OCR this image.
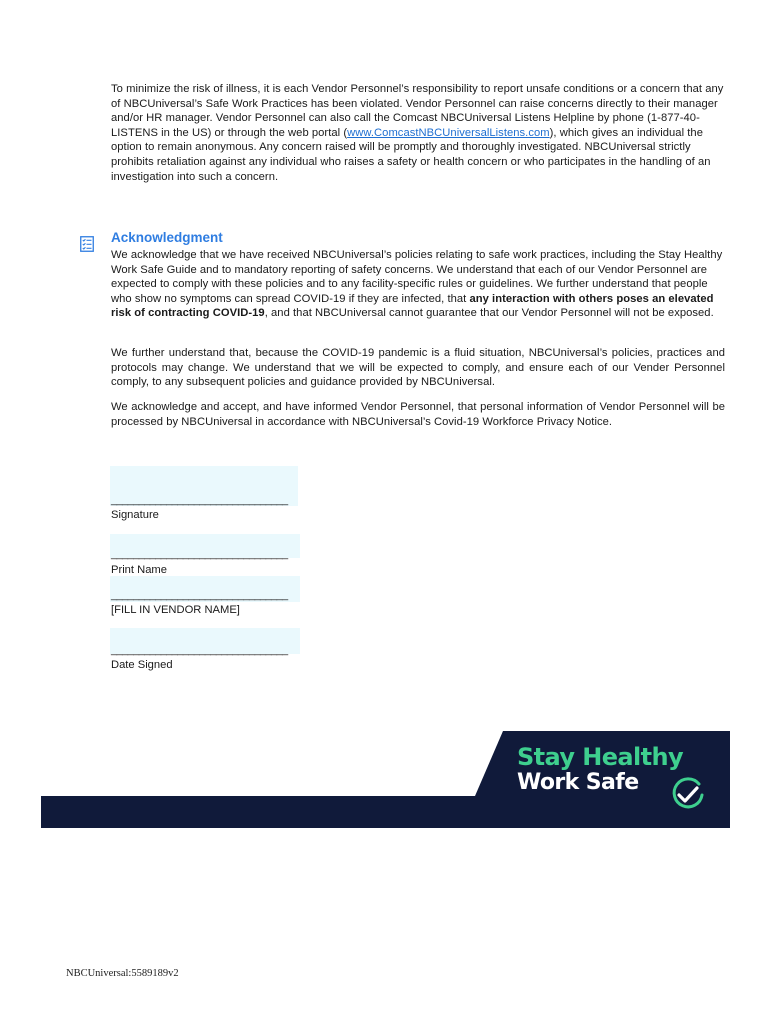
To minimize the risk of illness, it is each Vendor Personnel’s responsibility to report unsafe conditions or a concern that any of NBCUniversal’s Safe Work Practices has been violated. Vendor Personnel can raise concerns directly to their manager and/or HR manager. Vendor Personnel can also call the Comcast NBCUniversal Listens Helpline by phone (1-877-40-LISTENS in the US) or through the web portal (www.ComcastNBCUniversalListens.com), which gives an individual the option to remain anonymous. Any concern raised will be promptly and thoroughly investigated. NBCUniversal strictly prohibits retaliation against any individual who raises a safety or health concern or who participates in the handling of an investigation into such a concern.

Acknowledgment

We acknowledge that we have received NBCUniversal’s policies relating to safe work practices, including the Stay Healthy Work Safe Guide and to mandatory reporting of safety concerns. We understand that each of our Vendor Personnel are expected to comply with these policies and to any facility-specific rules or guidelines. We further understand that people who show no symptoms can spread COVID-19 if they are infected, that any interaction with others poses an elevated risk of contracting COVID-19, and that NBCUniversal cannot guarantee that our Vendor Personnel will not be exposed.

We further understand that, because the COVID-19 pandemic is a fluid situation, NBCUniversal’s policies, practices and protocols may change. We understand that we will be expected to comply, and ensure each of our Vender Personnel comply, to any subsequent policies and guidance provided by NBCUniversal.

We acknowledge and accept, and have informed Vendor Personnel, that personal information of Vendor Personnel will be processed by NBCUniversal in accordance with NBCUniversal’s Covid-19 Workforce Privacy Notice.

________________________________

Signature

________________________________

Print Name

________________________________

[FILL IN VENDOR NAME]

________________________________

Date Signed

Stay Healthy

Work Safe

NBCUniversal:5589189v2
